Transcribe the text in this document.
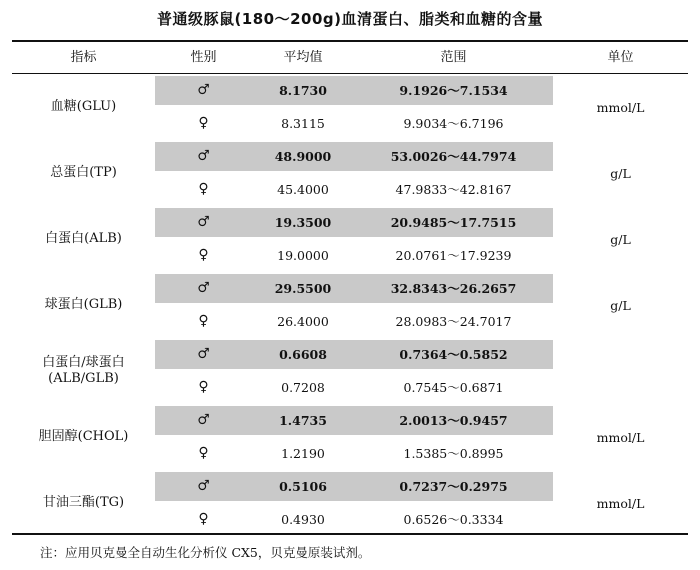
普通级豚鼠(180～200g)血清蛋白、脂类和血糖的含量
指标	性别	平均值	范围	单位
血糖(GLU)	mmol/L
♂	8.1730	9.1926～7.1534
♀	8.3115	9.9034～6.7196
总蛋白(TP)	g/L
♂	48.9000	53.0026～44.7974
♀	45.4000	47.9833～42.8167
白蛋白(ALB)	g/L
♂	19.3500	20.9485～17.7515
♀	19.0000	20.0761～17.9239
球蛋白(GLB)	g/L
♂	29.5500	32.8343～26.2657
♀	26.4000	28.0983～24.7017
白蛋白/球蛋白
(ALB/GLB)
♂	0.6608	0.7364～0.5852
♀	0.7208	0.7545～0.6871
胆固醇(CHOL)	mmol/L
♂	1.4735	2.0013～0.9457
♀	1.2190	1.5385～0.8995
甘油三酯(TG)	mmol/L
♂	0.5106	0.7237～0.2975
♀	0.4930	0.6526～0.3334
注：应用贝克曼全自动生化分析仪 CX5，贝克曼原装试剂。
